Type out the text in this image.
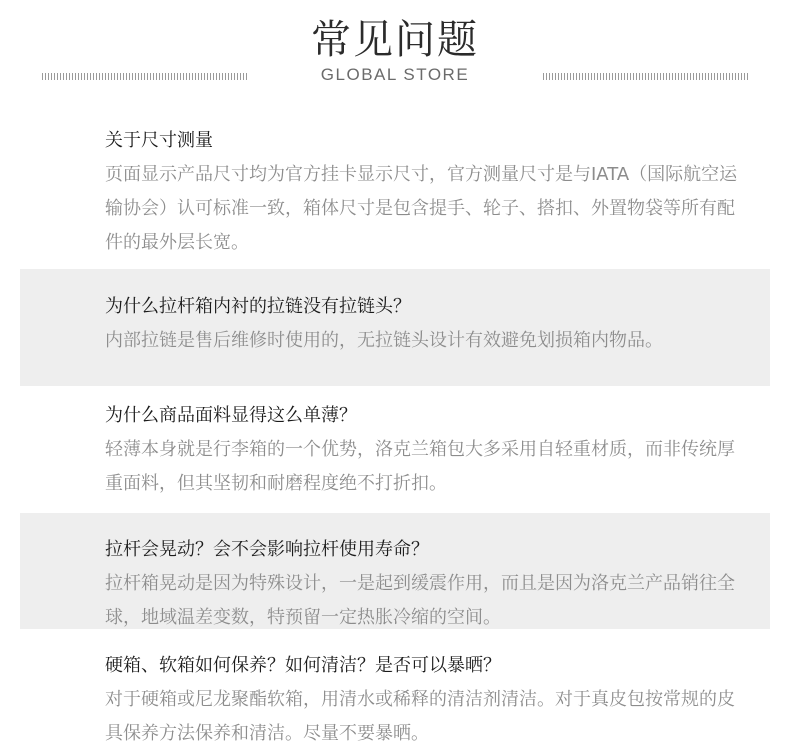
常见问题
GLOBAL STORE
关于尺寸测量
页面显示产品尺寸均为官方挂卡显示尺寸，官方测量尺寸是与IATA（国际航空运输协会）认可标准一致，箱体尺寸是包含提手、轮子、搭扣、外置物袋等所有配件的最外层长宽。
为什么拉杆箱内衬的拉链没有拉链头？
内部拉链是售后维修时使用的，无拉链头设计有效避免划损箱内物品。
为什么商品面料显得这么单薄？
轻薄本身就是行李箱的一个优势，洛克兰箱包大多采用自轻重材质，而非传统厚重面料，但其坚韧和耐磨程度绝不打折扣。
拉杆会晃动？会不会影响拉杆使用寿命？
拉杆箱晃动是因为特殊设计，一是起到缓震作用，而且是因为洛克兰产品销往全球，地域温差变数，特预留一定热胀冷缩的空间。
硬箱、软箱如何保养？如何清洁？是否可以暴晒？
对于硬箱或尼龙聚酯软箱，用清水或稀释的清洁剂清洁。对于真皮包按常规的皮具保养方法保养和清洁。尽量不要暴晒。
